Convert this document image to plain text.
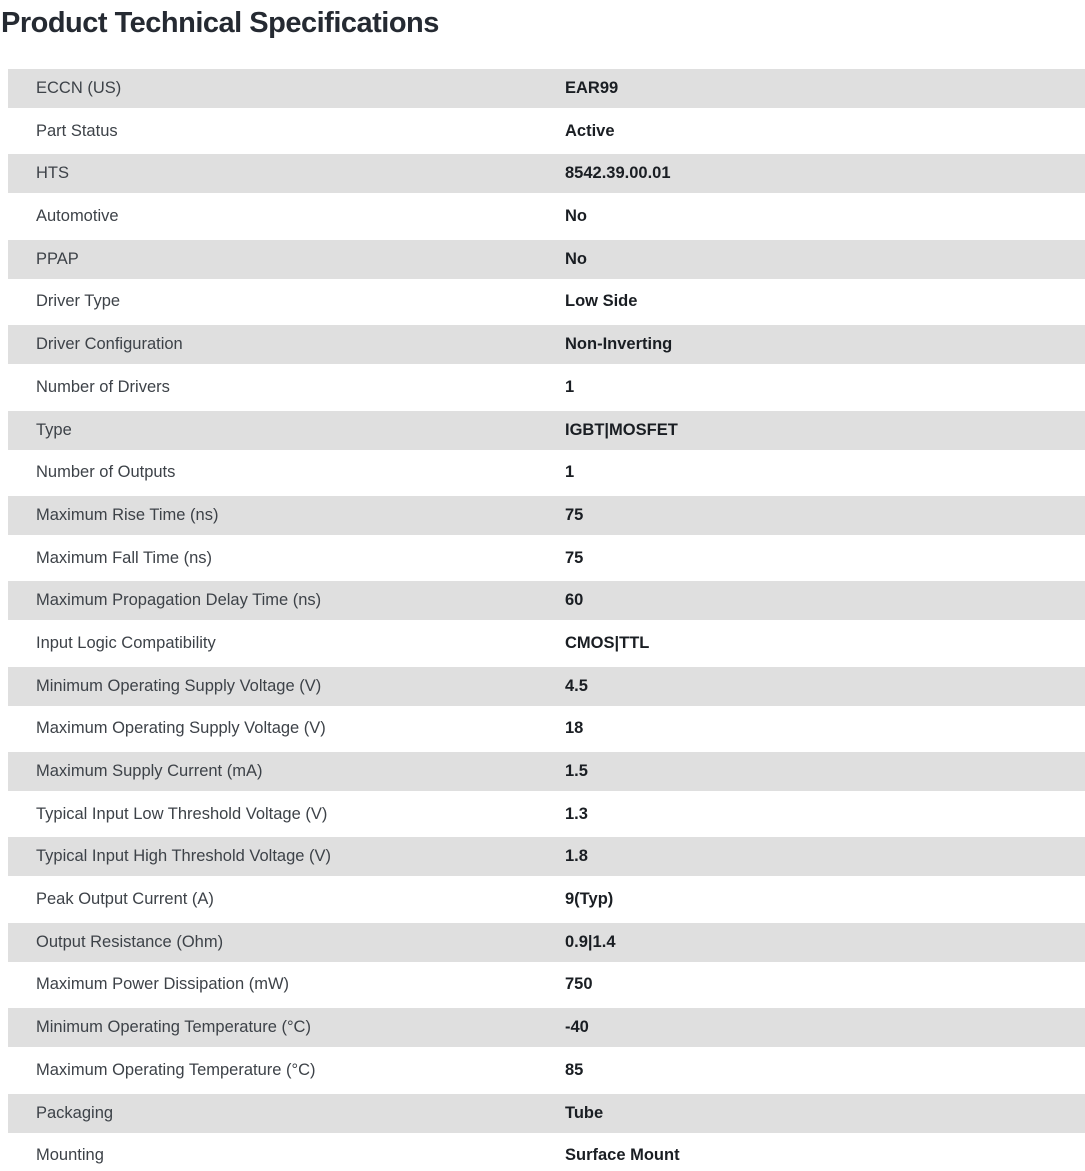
Product Technical Specifications
ECCN (US)	EAR99
Part Status	Active
HTS	8542.39.00.01
Automotive	No
PPAP	No
Driver Type	Low Side
Driver Configuration	Non-Inverting
Number of Drivers	1
Type	IGBT|MOSFET
Number of Outputs	1
Maximum Rise Time (ns)	75
Maximum Fall Time (ns)	75
Maximum Propagation Delay Time (ns)	60
Input Logic Compatibility	CMOS|TTL
Minimum Operating Supply Voltage (V)	4.5
Maximum Operating Supply Voltage (V)	18
Maximum Supply Current (mA)	1.5
Typical Input Low Threshold Voltage (V)	1.3
Typical Input High Threshold Voltage (V)	1.8
Peak Output Current (A)	9(Typ)
Output Resistance (Ohm)	0.9|1.4
Maximum Power Dissipation (mW)	750
Minimum Operating Temperature (°C)	-40
Maximum Operating Temperature (°C)	85
Packaging	Tube
Mounting	Surface Mount
